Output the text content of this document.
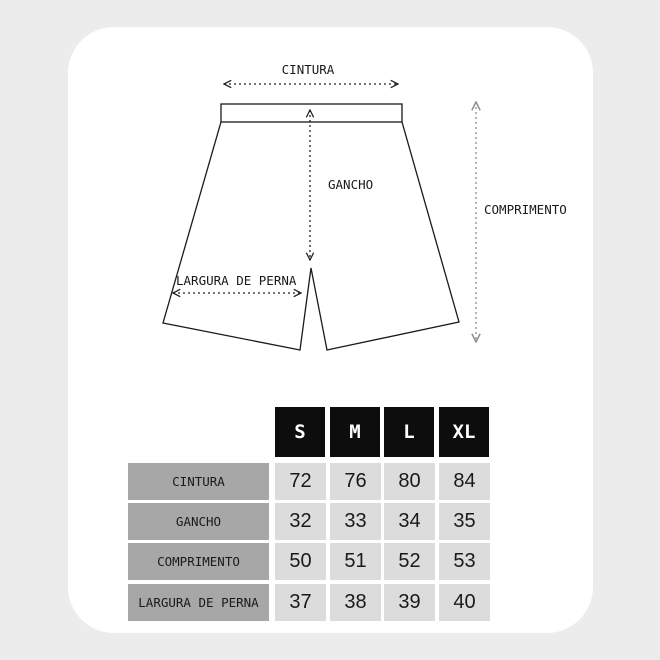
CINTURA
GANCHO
LARGURA DE PERNA
COMPRIMENTO
S	M	L	XL
CINTURA	72	76	80	84
GANCHO	32	33	34	35
COMPRIMENTO	50	51	52	53
LARGURA DE PERNA	37	38	39	40
